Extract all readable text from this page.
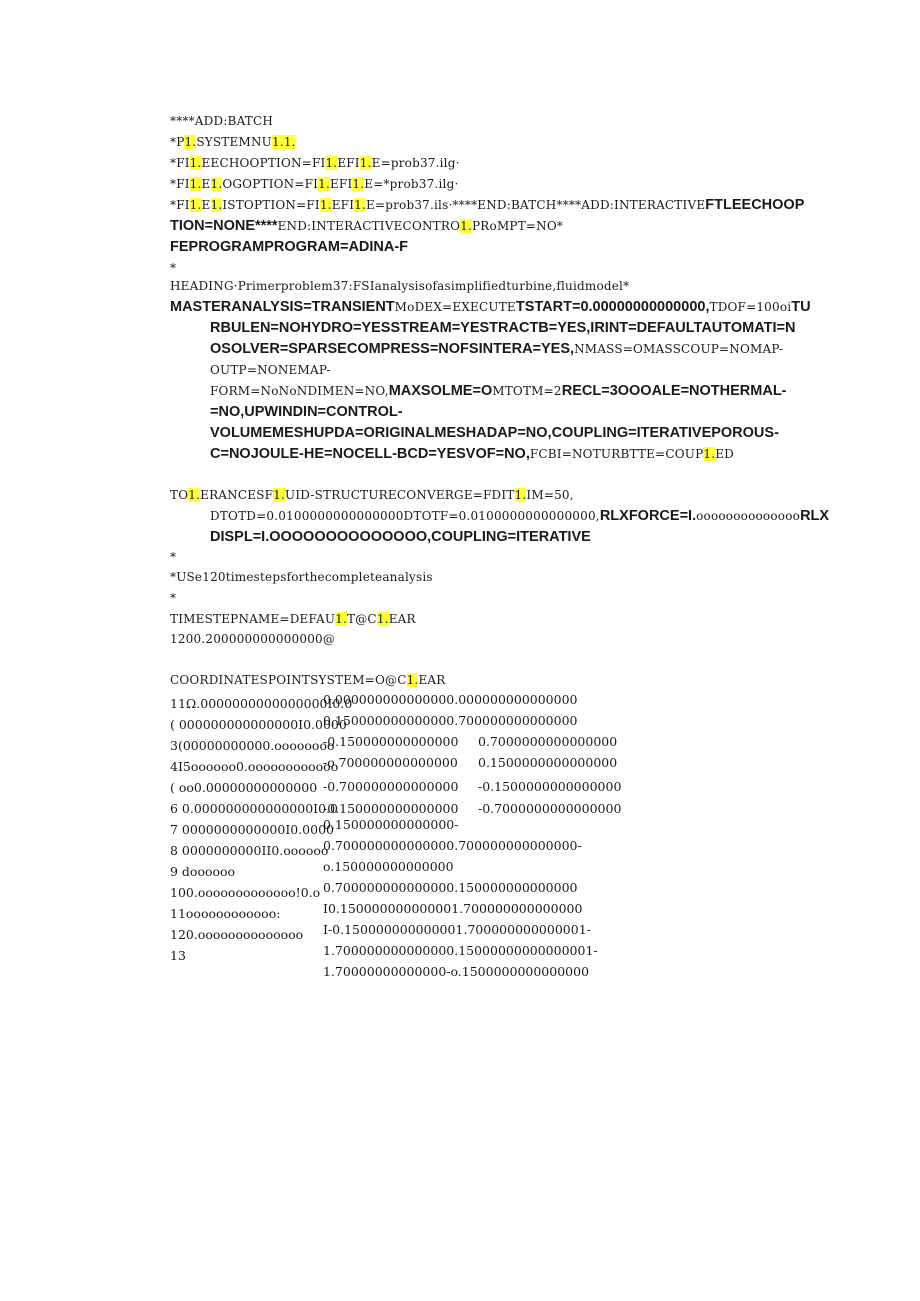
****ADD:BATCH
*P1.SYSTEMNU1.1.
*FI1.EECHOOPTION=FI1.EFI1.E=prob37.ilg·
*FI1.E1.OGOPTION=FI1.EFI1.E=*prob37.ilg·
*FI1.E1.ISTOPTION=FI1.EFI1.E=prob37.ils·****END:BATCH****ADD:INTERACTIVEFTLEECHOOP
TION=NONE****END:INTERACTIVECONTRO1.PRoMPT=NO*
FEPROGRAMPROGRAM=ADINA-F
*
HEADING·Primerproblem37:FSIanalysisofasimplifiedturbine,fluidmodel*
MASTERANALYSIS=TRANSIENTMoDEX=EXECUTETSTART=0.00000000000000,TDOF=100oiTU
RBULEN=NOHYDRO=YESSTREAM=YESTRACTB=YES,IRINT=DEFAULTAUTOMATI=N
OSOLVER=SPARSECOMPRESS=NOFSINTERA=YES,NMASS=OMASSCOUP=NOMAP-
OUTP=NONEMAP-
FORM=NoNoNDIMEN=NO,MAXSOLME=OMTOTM=2RECL=3OOOALE=NOTHERMAL-
=NO,UPWINDIN=CONTROL-
VOLUMEMESHUPDA=ORIGINALMESHADAP=NO,COUPLING=ITERATIVEPOROUS-
C=NOJOULE-HE=NOCELL-BCD=YESVOF=NO,FCBI=NOTURBTTE=COUP1.ED
TO1.ERANCESF1.UID-STRUCTURECONVERGE=FDIT1.IM=50,
DTOTD=0.0100000000000000DTOTF=0.0100000000000000,RLXFORCE=I.ooooooooooooooRLX
DISPL=I.OOOOOOOOOOOOOO,COUPLING=ITERATIVE
*
*USe120timestepsforthecompleteanalysis
*
TIMESTEPNAME=DEFAU1.T@C1.EAR
1200.200000000000000@
COORDINATESPOINTSYSTEM=O@C1.EAR
11Ω.0000000000000000I0.0
( 000000000000000I0.0000
3(00000000000.oooooooo
4I5oooooo0.oooooooooooo
( oo0.00000000000000
6 0.000000000000000I0.0
7 0000000000000I0.0000
8 0000000000II0.oooooo
9 doooooo
100.ooooooooooooo!0.o
11oooooooooooo:
120.oooooooooooooo
13
0.000000000000000.000000000000000
0.150000000000000.700000000000000
-0.150000000000000 0.7000000000000000
-o.700000000000000 0.1500000000000000
-0.700000000000000 -0.1500000000000000
-0.150000000000000 -0.7000000000000000
0.150000000000000-
0.700000000000000.700000000000000-
o.150000000000000
0.700000000000000.150000000000000
I0.150000000000001.700000000000000
I-0.150000000000001.700000000000001-
1.700000000000000.15000000000000001-
1.70000000000000-o.1500000000000000
